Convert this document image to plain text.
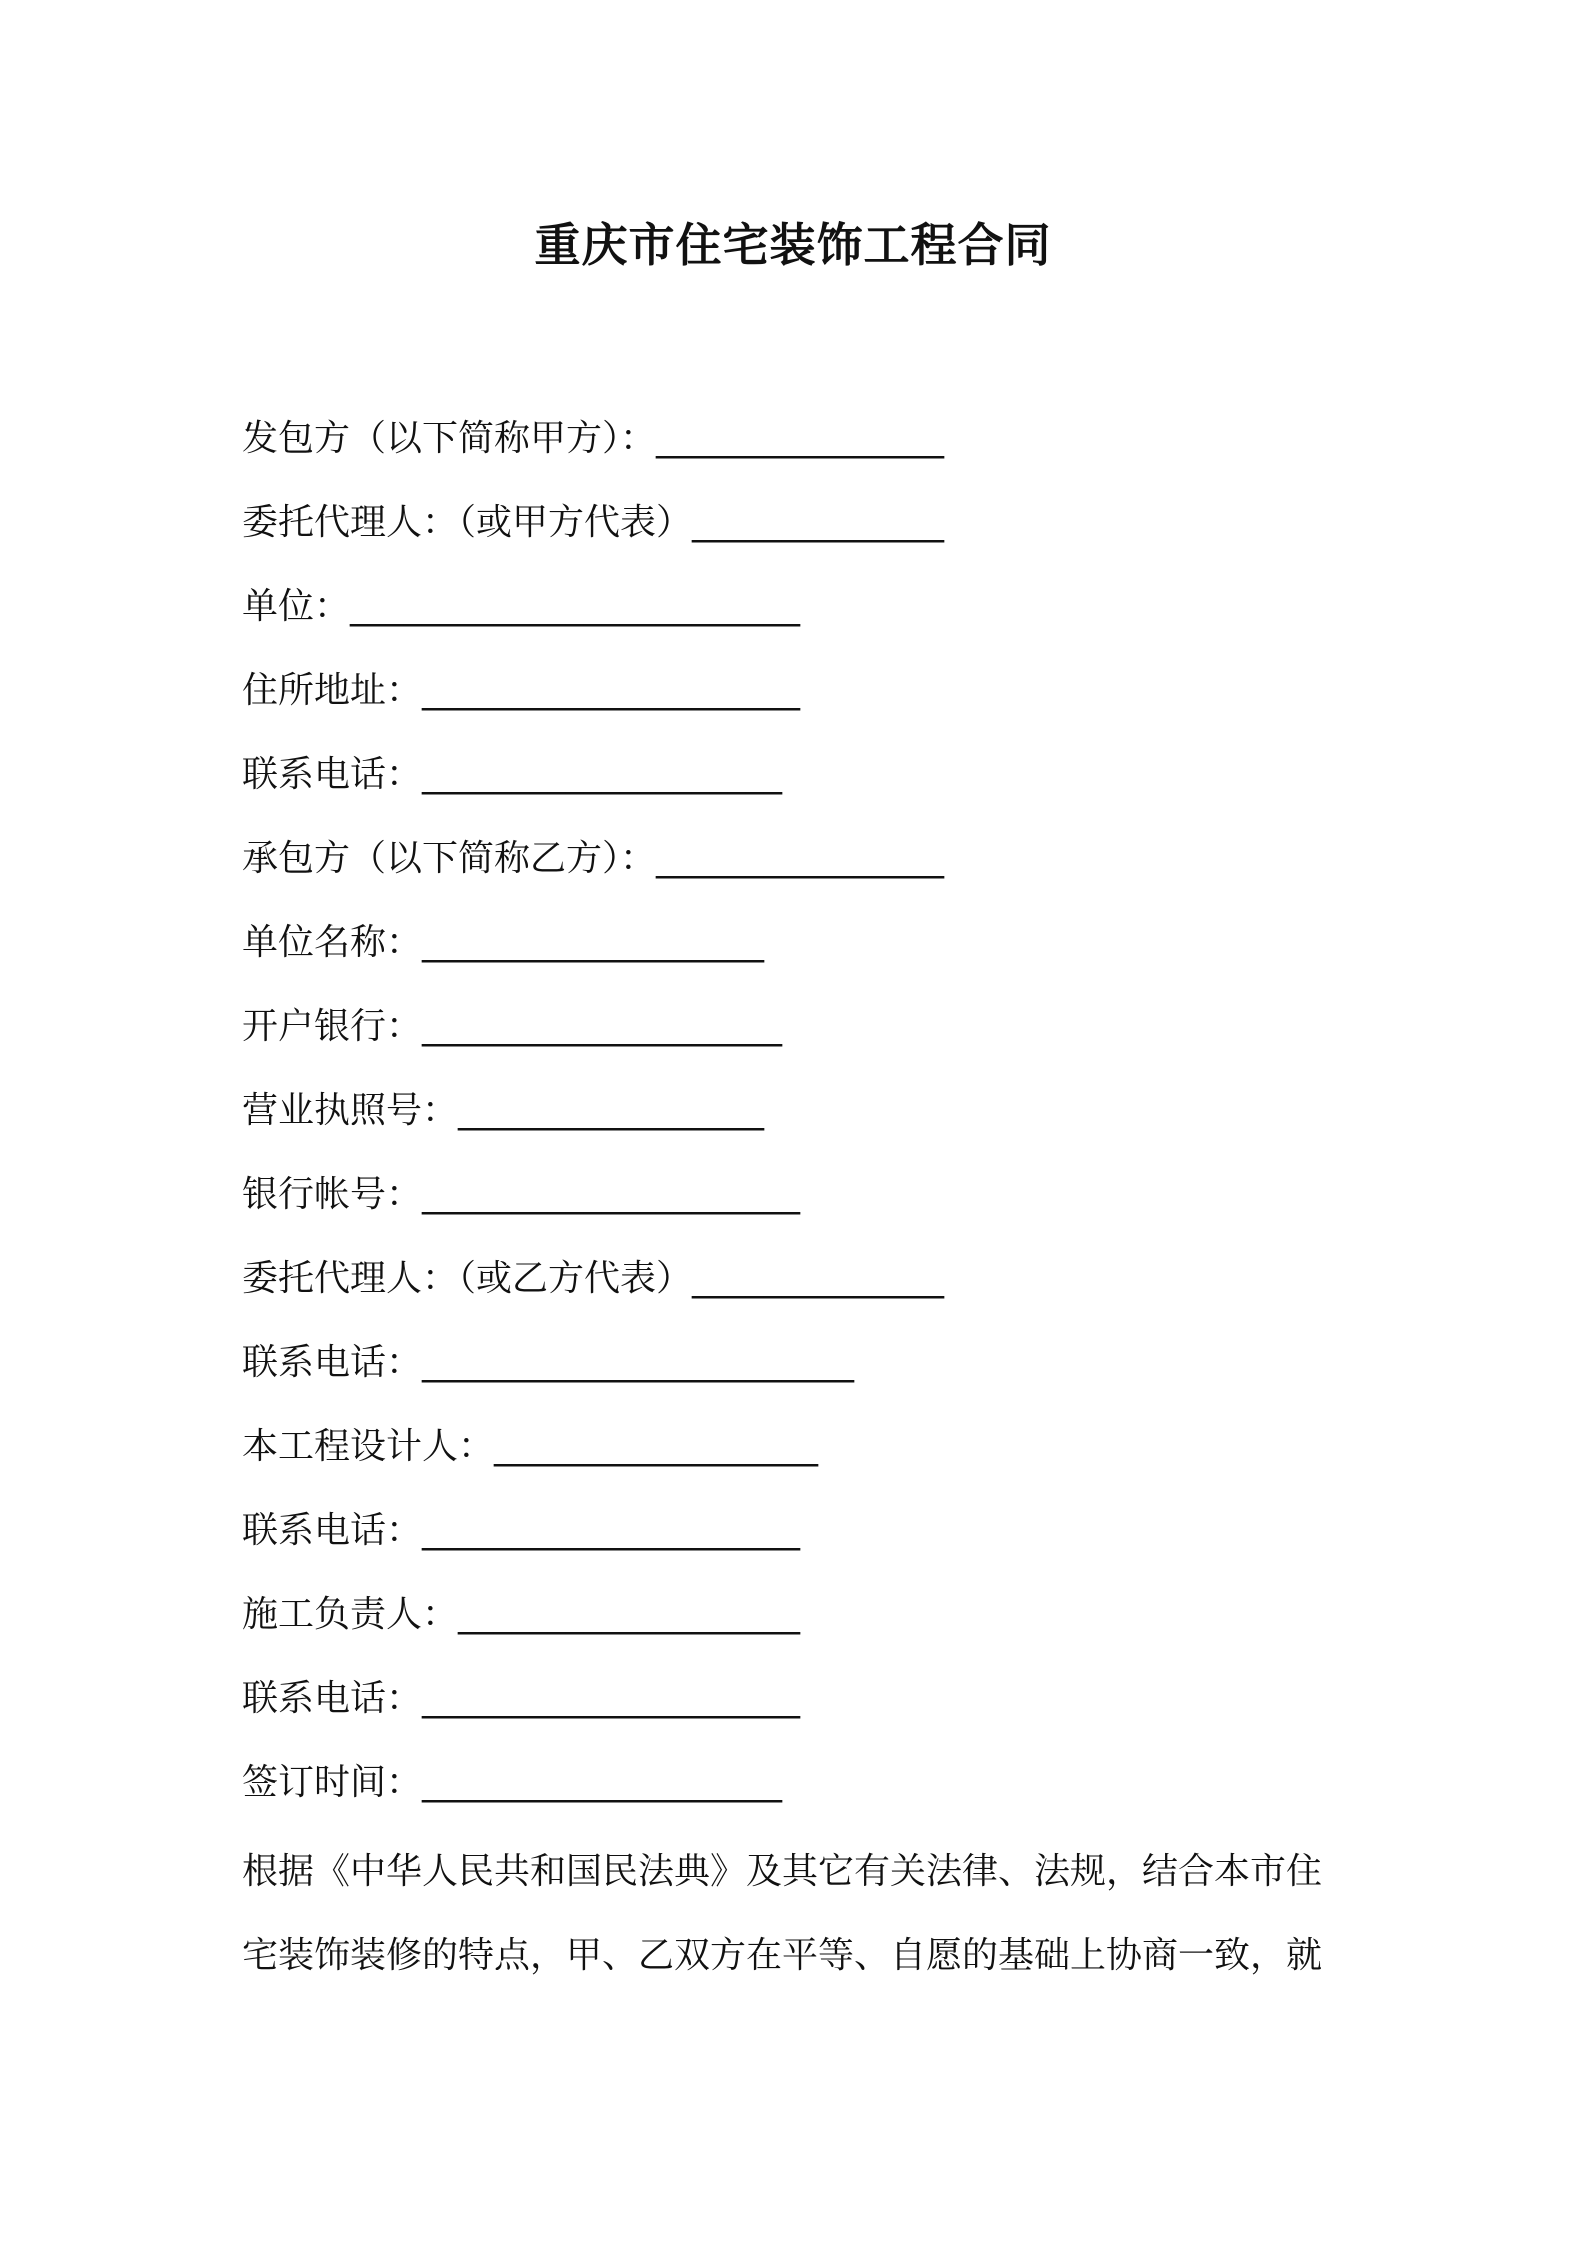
重庆市住宅装饰工程合同
发包方（以下简称甲方）：________________
委托代理人：（或甲方代表）______________
单位：_________________________
住所地址：_____________________
联系电话：____________________
承包方（以下简称乙方）：________________
单位名称：___________________
开户银行：____________________
营业执照号：_________________
银行帐号：_____________________
委托代理人：（或乙方代表）______________
联系电话：________________________
本工程设计人：__________________
联系电话：_____________________
施工负责人：___________________
联系电话：_____________________
签订时间：____________________
根据《中华人民共和国民法典》及其它有关法律、法规，结合本市住
宅装饰装修的特点，甲、乙双方在平等、自愿的基础上协商一致，就
